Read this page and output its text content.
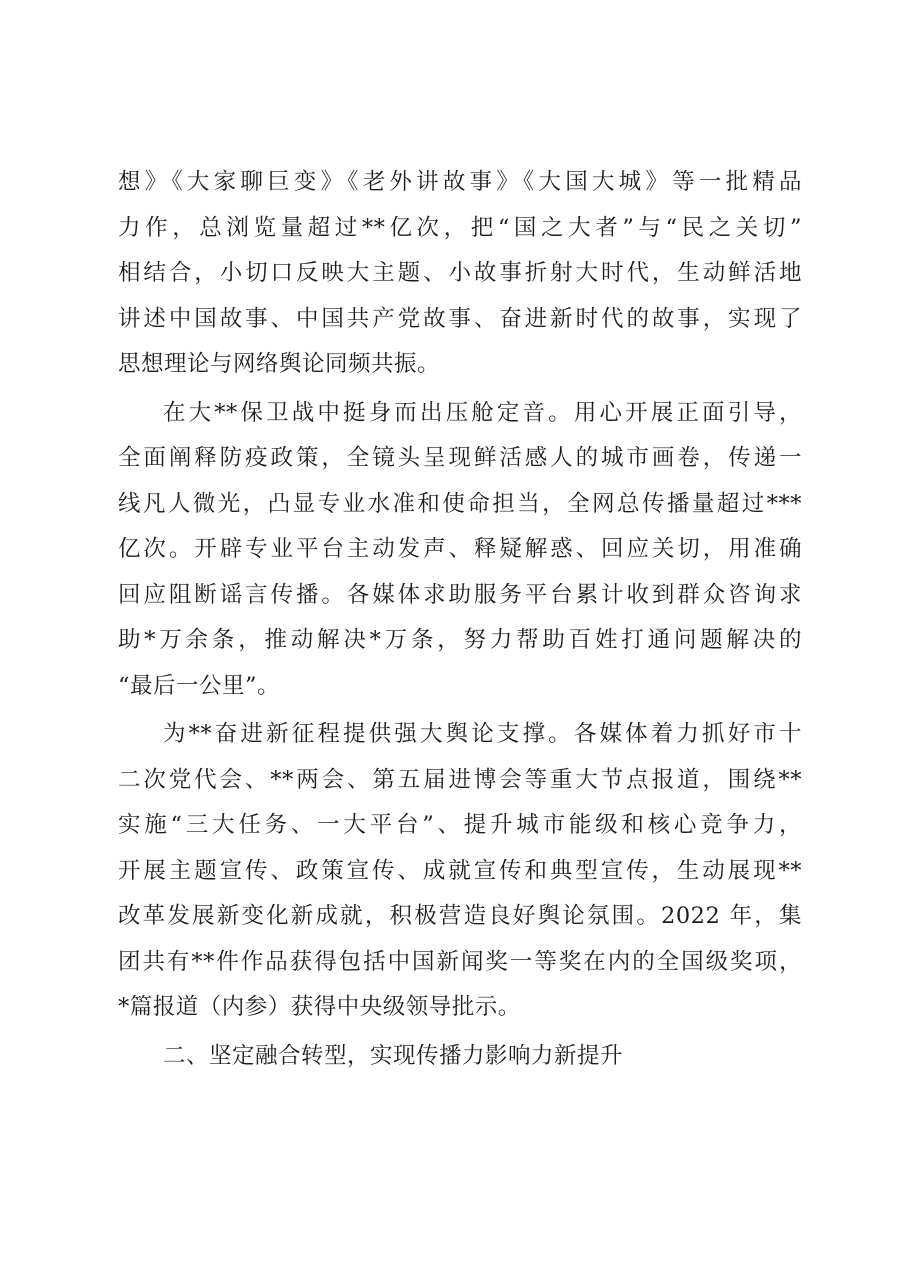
想》《大家聊巨变》《老外讲故事》《大国大城》等一批精品
力作，总浏览量超过**亿次，把“国之大者”与“民之关切”
相结合，小切口反映大主题、小故事折射大时代，生动鲜活地
讲述中国故事、中国共产党故事、奋进新时代的故事，实现了
思想理论与网络舆论同频共振。
在大**保卫战中挺身而出压舱定音。用心开展正面引导，
全面阐释防疫政策，全镜头呈现鲜活感人的城市画卷，传递一
线凡人微光，凸显专业水准和使命担当，全网总传播量超过***
亿次。开辟专业平台主动发声、释疑解惑、回应关切，用准确
回应阻断谣言传播。各媒体求助服务平台累计收到群众咨询求
助*万余条，推动解决*万条，努力帮助百姓打通问题解决的
“最后一公里”。
为**奋进新征程提供强大舆论支撑。各媒体着力抓好市十
二次党代会、**两会、第五届进博会等重大节点报道，围绕**
实施“三大任务、一大平台”、提升城市能级和核心竞争力，
开展主题宣传、政策宣传、成就宣传和典型宣传，生动展现**
改革发展新变化新成就，积极营造良好舆论氛围。2022 年，集
团共有**件作品获得包括中国新闻奖一等奖在内的全国级奖项，
*篇报道（内参）获得中央级领导批示。
二、坚定融合转型，实现传播力影响力新提升
